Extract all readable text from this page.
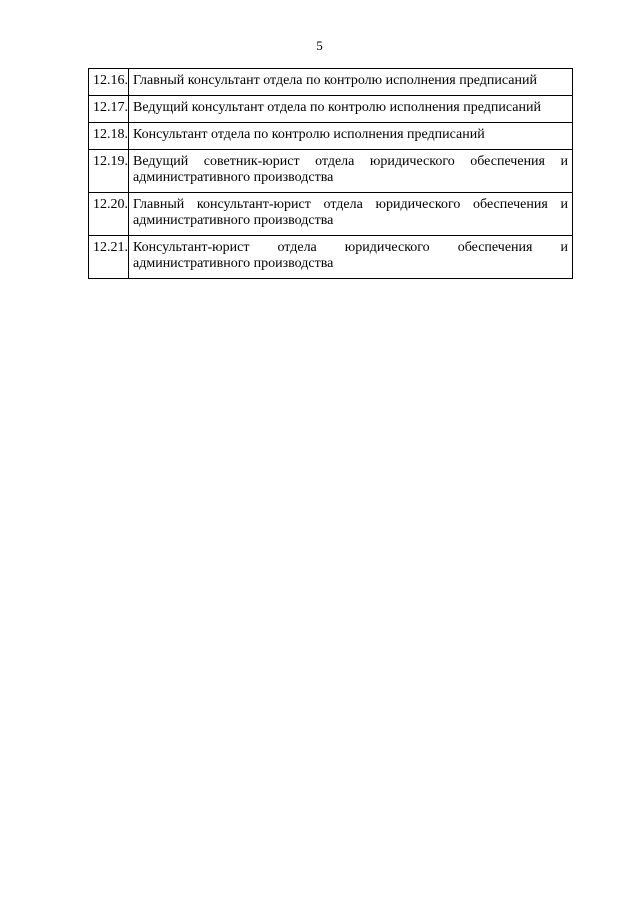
5
12.16.	Главный консультант отдела по контролю исполнения предписаний
12.17.	Ведущий консультант отдела по контролю исполнения предписаний
12.18.	Консультант отдела по контролю исполнения предписаний
12.19.	Ведущий советник-юрист отдела юридического обеспечения и административного производства
12.20.	Главный консультант-юрист отдела юридического обеспечения и административного производства
12.21.	Консультант-юрист отдела юридического обеспечения и административного производства
